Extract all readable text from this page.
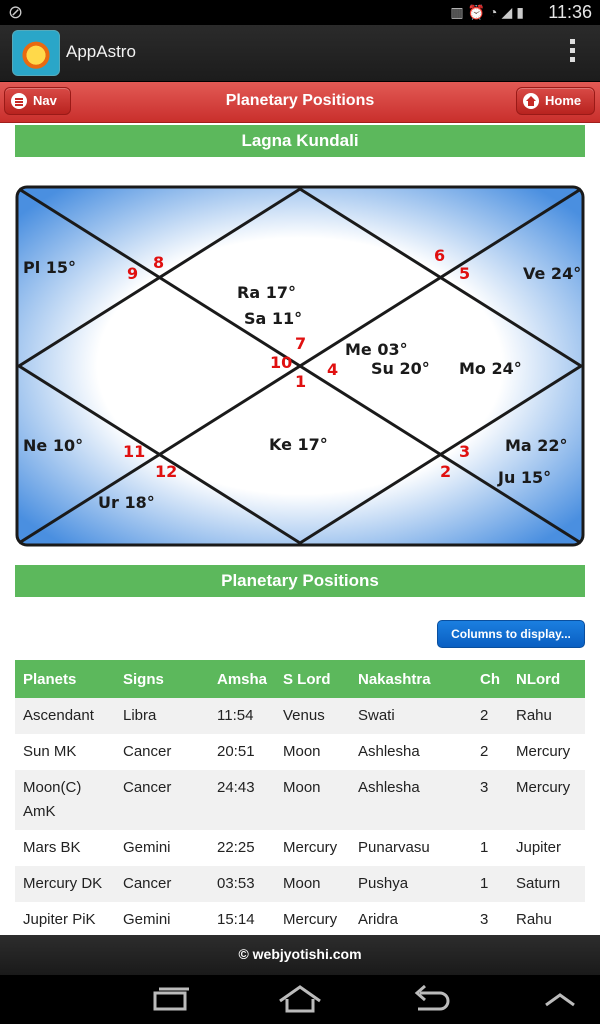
⊘	▥⏰◔◢▮ 11:36
AppAstro
Nav	Planetary Positions	Home
Lagna Kundali
10
1
4
7
11
12	2
3
5
6
8
9
Pl 15°
Ra 17°
Sa 11°
Ve 24°
Me 03°
Su 20° Mo 24°
Ne 10°	Ke 17°	Ma 22°
Ju 15°
Ur 18°
Planetary Positions
Columns to display...
Planets	Signs	Amsha	S Lord	Nakashtra	Ch	NLord
Ascendant	Libra	11:54	Venus	Swati	2	Rahu
Sun MK	Cancer	20:51	Moon	Ashlesha	2	Mercury
Moon(C) AmK	Cancer	24:43	Moon	Ashlesha	3	Mercury
Mars BK	Gemini	22:25	Mercury	Punarvasu	1	Jupiter
Mercury DK	Cancer	03:53	Moon	Pushya	1	Saturn
Jupiter PiK	Gemini	15:14	Mercury	Aridra	3	Rahu
© webjyotishi.com
